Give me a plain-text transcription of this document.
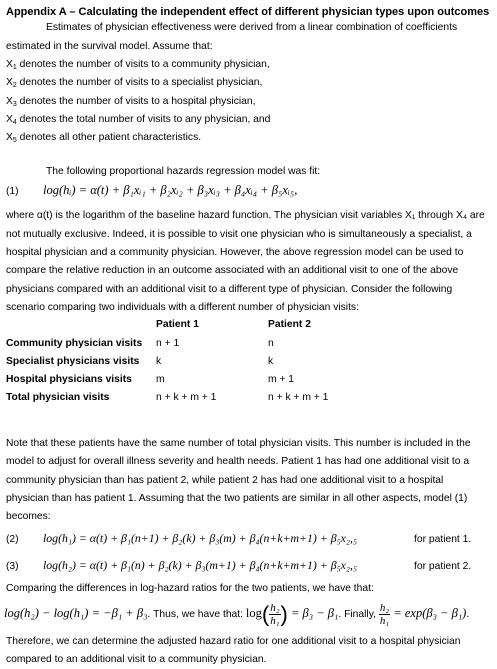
Appendix A – Calculating the independent effect of different physician types upon outcomes
Estimates of physician effectiveness were derived from a linear combination of coefficients
estimated in the survival model. Assume that:
$X_1$ denotes the number of visits to a community physician,
$X_2$ denotes the number of visits to a specialist physician,
$X_3$ denotes the number of visits to a hospital physician,
$X_4$ denotes the total number of visits to any physician, and
$X_5$ denotes all other patient characteristics.
The following proportional hazards regression model was fit:
(1) log(hᵢ) = α(t) + β₁xᵢ₁ + β₂xᵢ₂ + β₃xᵢ₃ + β₄xᵢ₄ + β₅xᵢ₅,
where α(t) is the logarithm of the baseline hazard function. The physician visit variables X₁ through X₄ are
not mutually exclusive. Indeed, it is possible to visit one physician who is simultaneously a specialist, a
hospital physician and a community physician. However, the above regression model can be used to
compare the relative reduction in an outcome associated with an additional visit to one of the above
physicians compared with an additional visit to a different type of physician. Consider the following
scenario comparing two individuals with a different number of physician visits:
Patient 1	Patient 2
Community physician visits n + 1	n
Specialist physicians visits k	k
Hospital physicians visits m	m + 1
Total physician visits	n + k + m + 1	n + k + m + 1
Note that these patients have the same number of total physician visits. This number is included in the
model to adjust for overall illness severity and health needs. Patient 1 has had one additional visit to a
community physician than has patient 2, while patient 2 has had one additional visit to a hospital
physician than has patient 1. Assuming that the two patients are similar in all other aspects, model (1)
becomes:
(2) log(h₁) = α(t) + β₁(n+1) + β₂(k) + β₃(m) + β₄(n+k+m+1) + β₅x₂,₅	for patient 1.
(3) log(h₂) = α(t) + β₁(n) + β₂(k) + β₃(m+1) + β₄(n+k+m+1) + β₅x₂,₅	for patient 2.
Comparing the differences in log-hazard ratios for the two patients, we have that:
log(h₂) − log(h₁) = −β₁ + β₃. Thus, we have that: $\log( \frac{\text{h₂}}{\text{h₁}}$ ) = β₃ − β₁. Finally, $\frac{\text{h₂}}{\text{h₁}} = \exp(\beta_3 - \beta_1)$.
Therefore, we can determine the adjusted hazard ratio for one additional visit to a hospital physician
compared to an additional visit to a community physician.
